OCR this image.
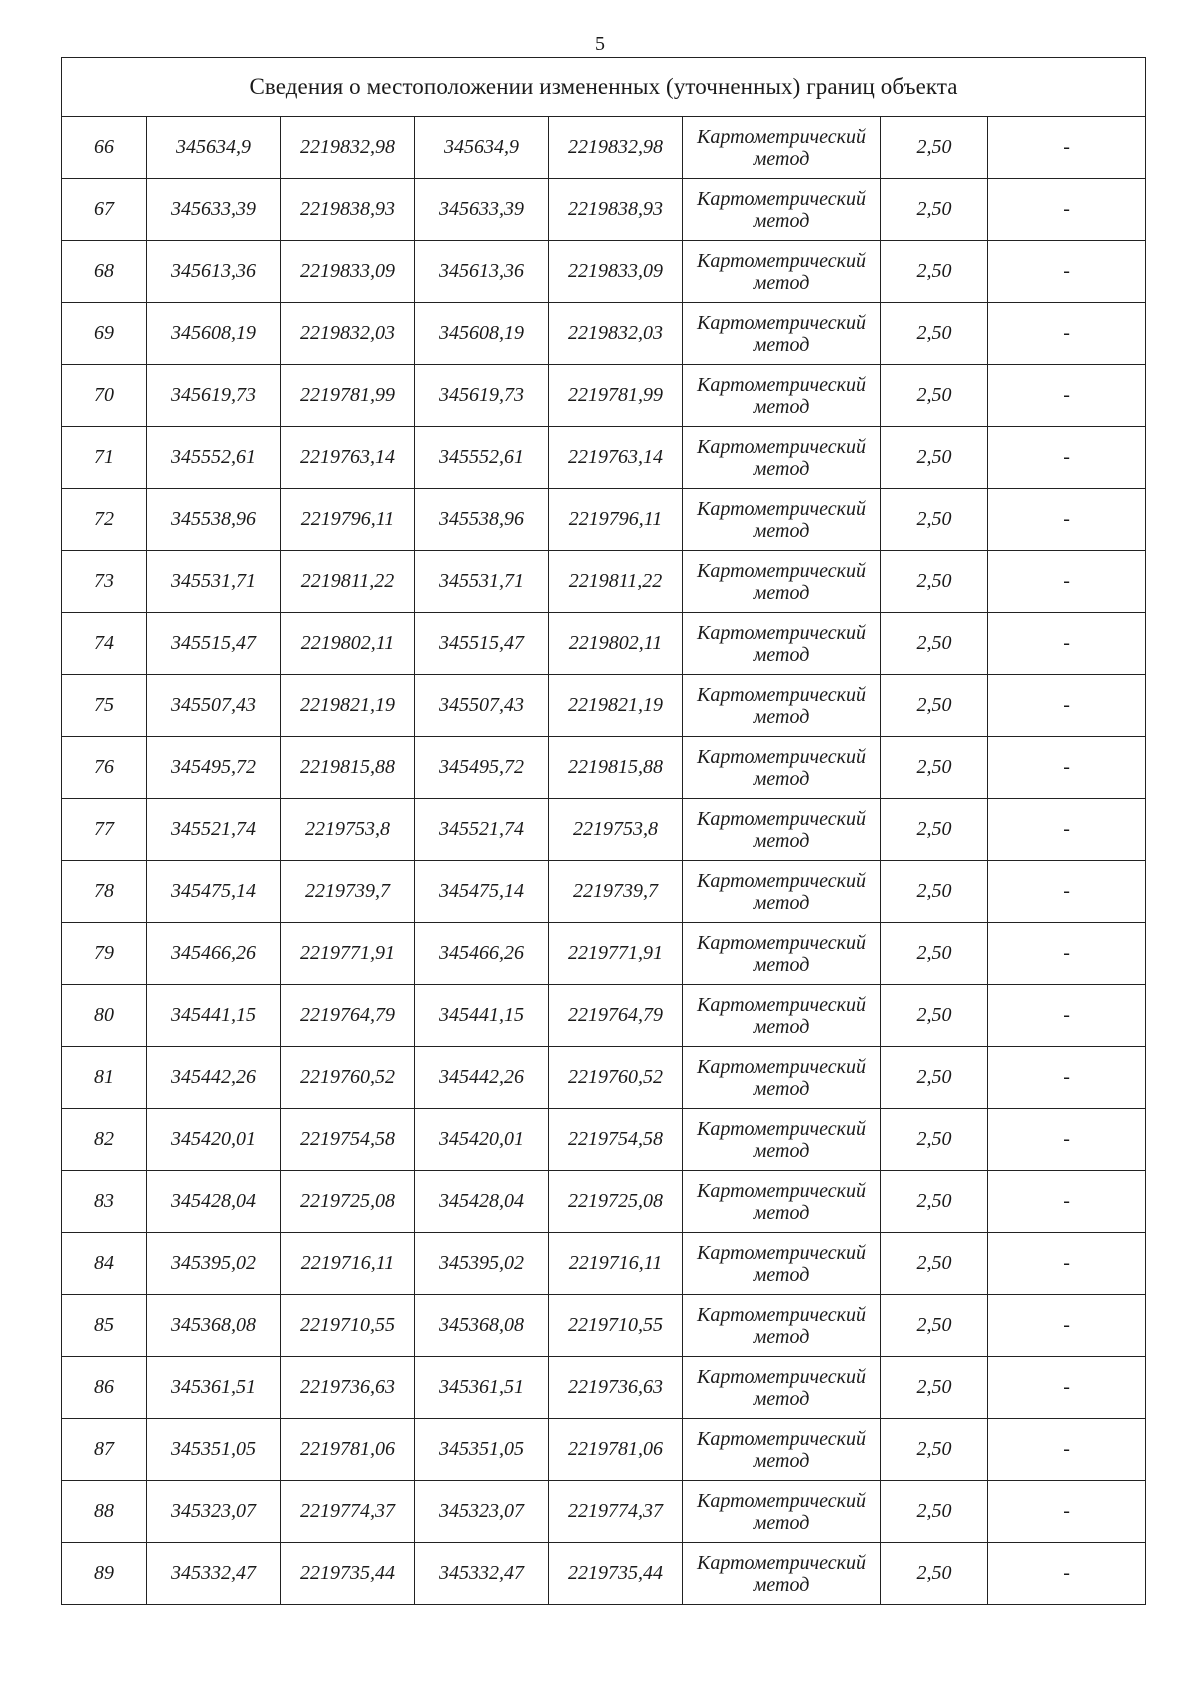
5
Сведения о местоположении измененных (уточненных) границ объекта							
66	345634,9	2219832,98	345634,9	2219832,98	Картометрический
метод	2,50	-
67	345633,39	2219838,93	345633,39	2219838,93	Картометрический
метод	2,50	-
68	345613,36	2219833,09	345613,36	2219833,09	Картометрический
метод	2,50	-
69	345608,19	2219832,03	345608,19	2219832,03	Картометрический
метод	2,50	-
70	345619,73	2219781,99	345619,73	2219781,99	Картометрический
метод	2,50	-
71	345552,61	2219763,14	345552,61	2219763,14	Картометрический
метод	2,50	-
72	345538,96	2219796,11	345538,96	2219796,11	Картометрический
метод	2,50	-
73	345531,71	2219811,22	345531,71	2219811,22	Картометрический
метод	2,50	-
74	345515,47	2219802,11	345515,47	2219802,11	Картометрический
метод	2,50	-
75	345507,43	2219821,19	345507,43	2219821,19	Картометрический
метод	2,50	-
76	345495,72	2219815,88	345495,72	2219815,88	Картометрический
метод	2,50	-
77	345521,74	2219753,8	345521,74	2219753,8	Картометрический
метод	2,50	-
78	345475,14	2219739,7	345475,14	2219739,7	Картометрический
метод	2,50	-
79	345466,26	2219771,91	345466,26	2219771,91	Картометрический
метод	2,50	-
80	345441,15	2219764,79	345441,15	2219764,79	Картометрический
метод	2,50	-
81	345442,26	2219760,52	345442,26	2219760,52	Картометрический
метод	2,50	-
82	345420,01	2219754,58	345420,01	2219754,58	Картометрический
метод	2,50	-
83	345428,04	2219725,08	345428,04	2219725,08	Картометрический
метод	2,50	-
84	345395,02	2219716,11	345395,02	2219716,11	Картометрический
метод	2,50	-
85	345368,08	2219710,55	345368,08	2219710,55	Картометрический
метод	2,50	-
86	345361,51	2219736,63	345361,51	2219736,63	Картометрический
метод	2,50	-
87	345351,05	2219781,06	345351,05	2219781,06	Картометрический
метод	2,50	-
88	345323,07	2219774,37	345323,07	2219774,37	Картометрический
метод	2,50	-
89	345332,47	2219735,44	345332,47	2219735,44	Картометрический
метод	2,50	-
